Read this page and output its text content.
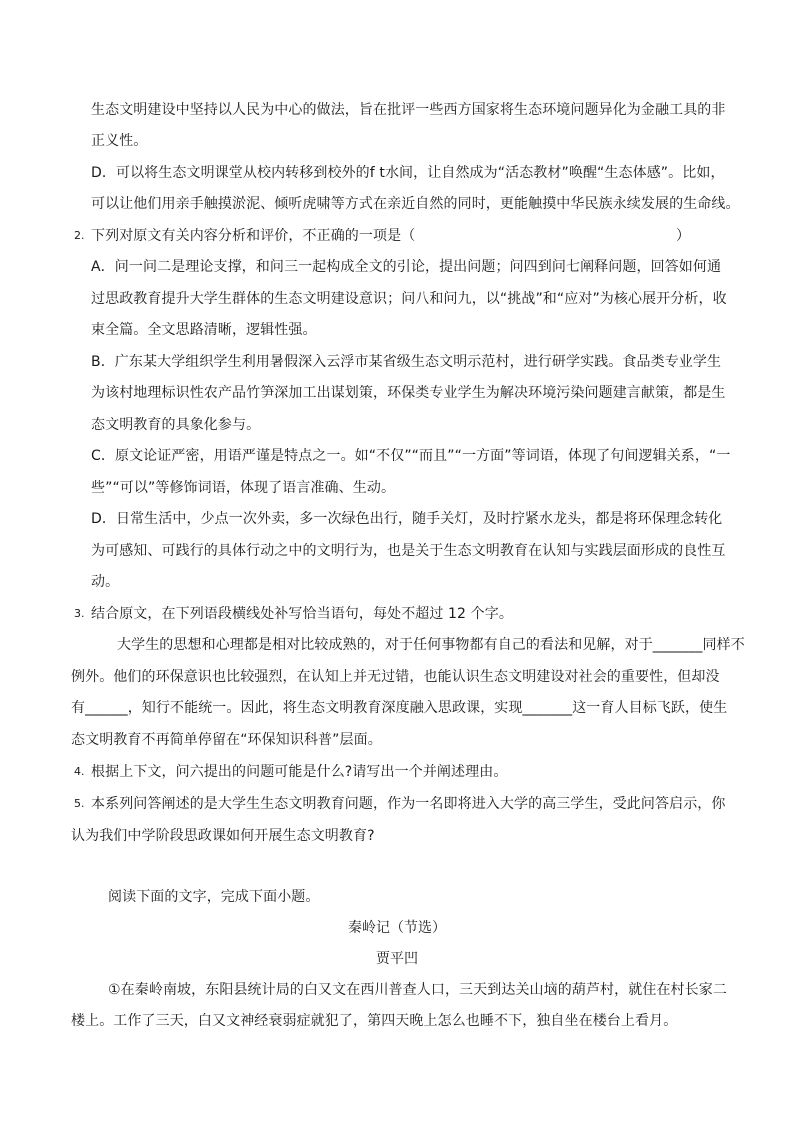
生态文明建设中坚持以人民为中心的做法，旨在批评一些西方国家将生态环境问题异化为金融工具的非
正义性。
D．可以将生态文明课堂从校内转移到校外的f t水间，让自然成为“活态教材”唤醒“生态体感”。比如，
可以让他们用亲手触摸淤泥、倾听虎啸等方式在亲近自然的同时，更能触摸中华民族永续发展的生命线。
2. 下列对原文有关内容分析和评价，不正确的一项是（	）
A．问一问二是理论支撑，和问三一起构成全文的引论，提出问题；问四到问七阐释问题，回答如何通
过思政教育提升大学生群体的生态文明建设意识；问八和问九，以“挑战”和“应对”为核心展开分析，收
束全篇。全文思路清晰，逻辑性强。
B．广东某大学组织学生利用暑假深入云浮市某省级生态文明示范村，进行研学实践。食品类专业学生
为该村地理标识性农产品竹笋深加工出谋划策，环保类专业学生为解决环境污染问题建言献策，都是生
态文明教育的具象化参与。
C．原文论证严密，用语严谨是特点之一。如“不仅”“而且”“一方面”等词语，体现了句间逻辑关系，“一
些”“可以”等修饰词语，体现了语言准确、生动。
D．日常生活中，少点一次外卖，多一次绿色出行，随手关灯，及时拧紧水龙头，都是将环保理念转化
为可感知、可践行的具体行动之中的文明行为，也是关于生态文明教育在认知与实践层面形成的良性互
动。
3. 结合原文，在下列语段横线处补写恰当语句，每处不超过 12 个字。
大学生的思想和心理都是相对比较成熟的，对于任何事物都有自己的看法和见解，对于_______同样不
例外。他们的环保意识也比较强烈，在认知上并无过错，也能认识生态文明建设对社会的重要性，但却没
有______，知行不能统一。因此，将生态文明教育深度融入思政课，实现_______这一育人目标飞跃，使生
态文明教育不再简单停留在“环保知识科普”层面。
4. 根据上下文，问六提出的问题可能是什么?请写出一个并阐述理由。
5. 本系列问答阐述的是大学生生态文明教育问题，作为一名即将进入大学的高三学生，受此问答启示，你
认为我们中学阶段思政课如何开展生态文明教育?
阅读下面的文字，完成下面小题。
秦岭记（节选）
贾平凹
①在秦岭南坡，东阳县统计局的白又文在西川普查人口，三天到达关山垴的葫芦村，就住在村长家二
楼上。工作了三天，白又文神经衰弱症就犯了，第四天晚上怎么也睡不下，独自坐在楼台上看月。
